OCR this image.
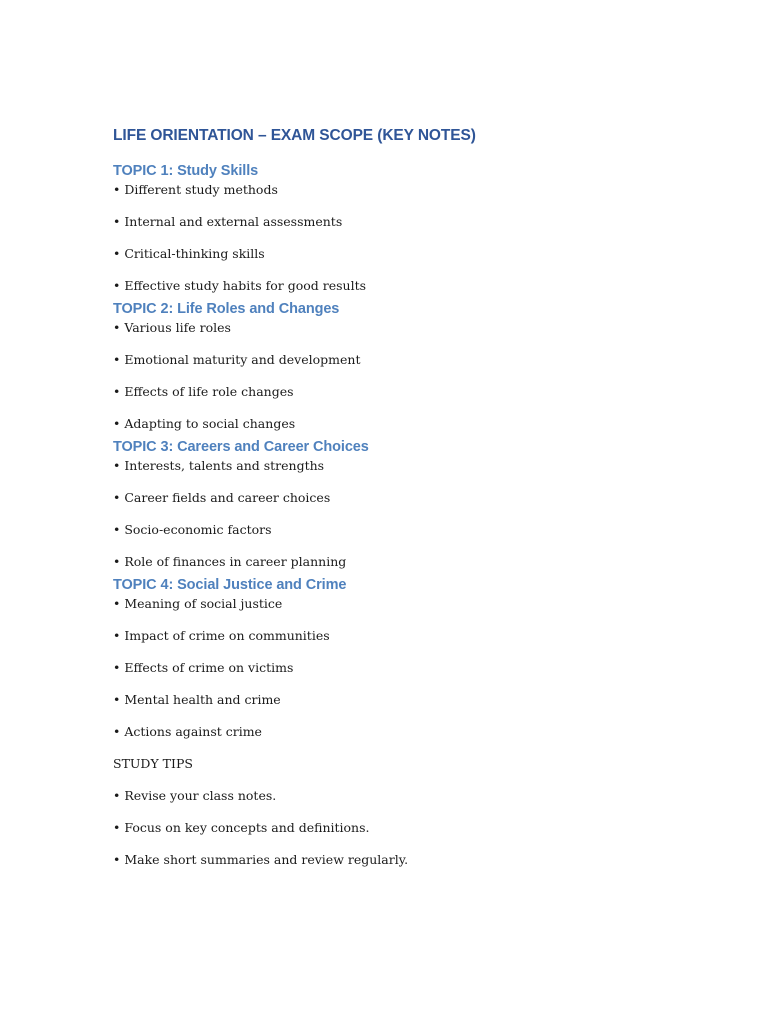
LIFE ORIENTATION – EXAM SCOPE (KEY NOTES)
TOPIC 1: Study Skills

• Different study methods

• Internal and external assessments

• Critical-thinking skills

• Effective study habits for good results

TOPIC 2: Life Roles and Changes

• Various life roles

• Emotional maturity and development

• Effects of life role changes

• Adapting to social changes

TOPIC 3: Careers and Career Choices

• Interests, talents and strengths

• Career fields and career choices

• Socio-economic factors

• Role of finances in career planning

TOPIC 4: Social Justice and Crime

• Meaning of social justice

• Impact of crime on communities

• Effects of crime on victims

• Mental health and crime

• Actions against crime

STUDY TIPS

• Revise your class notes.

• Focus on key concepts and definitions.

• Make short summaries and review regularly.
